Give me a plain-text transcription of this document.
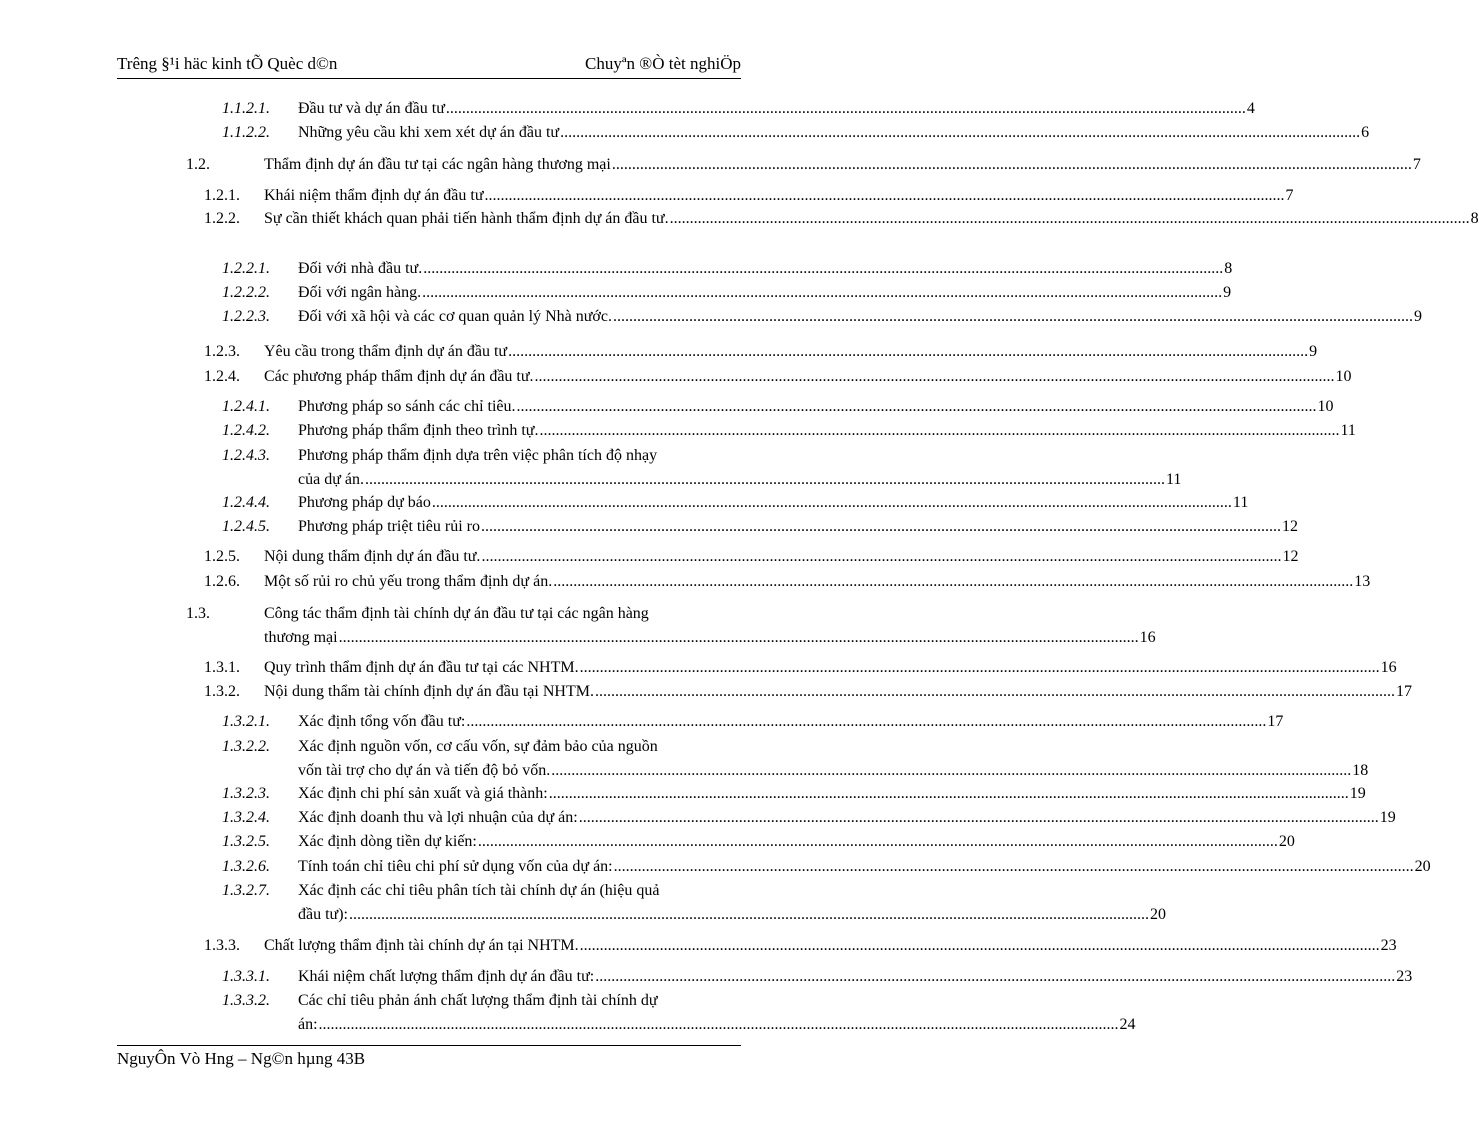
Trêng §¹i häc kinh tÕ Quèc d©n	Chuyªn ®Ò tèt nghiÖp
1.1.2.1. Đầu tư và dự án đầu tư ........................................................................................................................................................................................................ 4
1.1.2.2. Những yêu cầu khi xem xét dự án đầu tư ........................................................................................................................................................................................................ 6
1.2.	Thẩm định dự án đầu tư tại các ngân hàng thương mại ........................................................................................................................................................................................................ 7
1.2.1. Khái niệm thẩm định dự án đầu tư ........................................................................................................................................................................................................ 7
1.2.2. Sự cần thiết khách quan phải tiến hành thẩm định dự án đầu tư. ........................................................................................................................................................................................................ 8
1.2.2.1. Đối với nhà đầu tư. ........................................................................................................................................................................................................ 8
1.2.2.2. Đối với ngân hàng. ........................................................................................................................................................................................................ 9
1.2.2.3. Đối với xã hội và các cơ quan quản lý Nhà nước. ........................................................................................................................................................................................................ 9
1.2.3. Yêu cầu trong thẩm định dự án đầu tư ........................................................................................................................................................................................................ 9
1.2.4. Các phương pháp thẩm định dự án đầu tư. ........................................................................................................................................................................................................ 10
1.2.4.1. Phương pháp so sánh các chỉ tiêu. ........................................................................................................................................................................................................ 10
1.2.4.2. Phương pháp thẩm định theo trình tự. ........................................................................................................................................................................................................ 11
1.2.4.3. Phương pháp thẩm định dựa trên việc phân tích độ nhạy
của dự án. ........................................................................................................................................................................................................ 11
1.2.4.4. Phương pháp dự báo ........................................................................................................................................................................................................ 11
1.2.4.5. Phương pháp triệt tiêu rủi ro ........................................................................................................................................................................................................ 12
1.2.5. Nội dung thẩm định dự án đầu tư. ........................................................................................................................................................................................................ 12
1.2.6. Một số rủi ro chủ yếu trong thẩm định dự án. ........................................................................................................................................................................................................ 13
1.3.	Công tác thẩm định tài chính dự án đầu tư tại các ngân hàng
thương mại ........................................................................................................................................................................................................ 16
1.3.1. Quy trình thẩm định dự án đầu tư tại các NHTM. ........................................................................................................................................................................................................ 16
1.3.2. Nội dung thẩm tài chính định dự án đầu tại NHTM. ........................................................................................................................................................................................................ 17
1.3.2.1. Xác định tổng vốn đầu tư: ........................................................................................................................................................................................................ 17
1.3.2.2. Xác định nguồn vốn, cơ cấu vốn, sự đảm bảo của nguồn
vốn tài trợ cho dự án và tiến độ bỏ vốn. ........................................................................................................................................................................................................ 18
1.3.2.3. Xác định chi phí sản xuất và giá thành: ........................................................................................................................................................................................................ 19
1.3.2.4. Xác định doanh thu và lợi nhuận của dự án: ........................................................................................................................................................................................................ 19
1.3.2.5. Xác định dòng tiền dự kiến: ........................................................................................................................................................................................................ 20
1.3.2.6. Tính toán chỉ tiêu chi phí sử dụng vốn của dự án: ........................................................................................................................................................................................................ 20
1.3.2.7. Xác định các chỉ tiêu phân tích tài chính dự án (hiệu quả
đầu tư): ........................................................................................................................................................................................................ 20
1.3.3. Chất lượng thẩm định tài chính dự án tại NHTM. ........................................................................................................................................................................................................ 23
1.3.3.1. Khái niệm chất lượng thẩm định dự án đầu tư: ........................................................................................................................................................................................................ 23
1.3.3.2. Các chỉ tiêu phản ánh chất lượng thẩm định tài chính dự
án: ........................................................................................................................................................................................................ 24
NguyÔn Vò Hng – Ng©n hµng 43B
